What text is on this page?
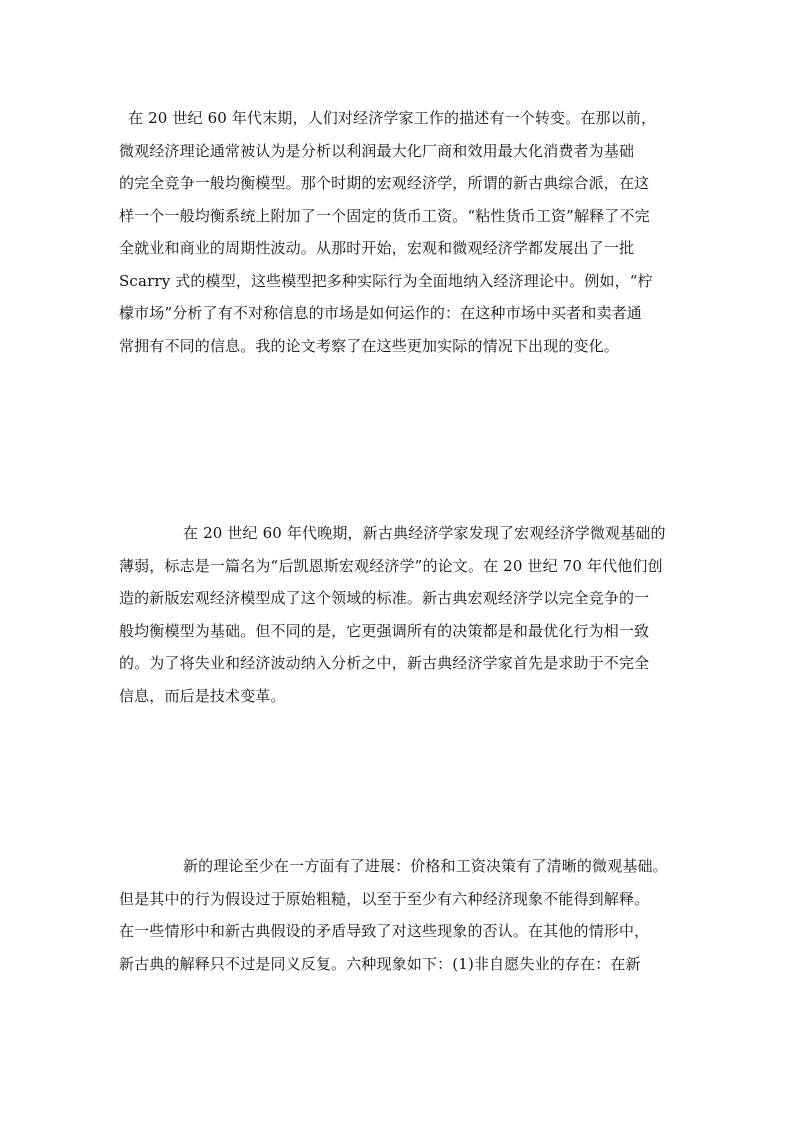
在 20 世纪 60 年代末期，人们对经济学家工作的描述有一个转变。在那以前，
微观经济理论通常被认为是分析以利润最大化厂商和效用最大化消费者为基础
的完全竞争一般均衡模型。那个时期的宏观经济学，所谓的新古典综合派，在这
样一个一般均衡系统上附加了一个固定的货币工资。“粘性货币工资”解释了不完
全就业和商业的周期性波动。从那时开始，宏观和微观经济学都发展出了一批
Scarry 式的模型，这些模型把多种实际行为全面地纳入经济理论中。例如，“柠
檬市场”分析了有不对称信息的市场是如何运作的：在这种市场中买者和卖者通
常拥有不同的信息。我的论文考察了在这些更加实际的情况下出现的变化。
在 20 世纪 60 年代晚期，新古典经济学家发现了宏观经济学微观基础的
薄弱，标志是一篇名为“后凯恩斯宏观经济学”的论文。在 20 世纪 70 年代他们创
造的新版宏观经济模型成了这个领域的标准。新古典宏观经济学以完全竞争的一
般均衡模型为基础。但不同的是，它更强调所有的决策都是和最优化行为相一致
的。为了将失业和经济波动纳入分析之中，新古典经济学家首先是求助于不完全
信息，而后是技术变革。
新的理论至少在一方面有了进展：价格和工资决策有了清晰的微观基础。
但是其中的行为假设过于原始粗糙，以至于至少有六种经济现象不能得到解释。
在一些情形中和新古典假设的矛盾导致了对这些现象的否认。在其他的情形中，
新古典的解释只不过是同义反复。六种现象如下：(1)非自愿失业的存在：在新
